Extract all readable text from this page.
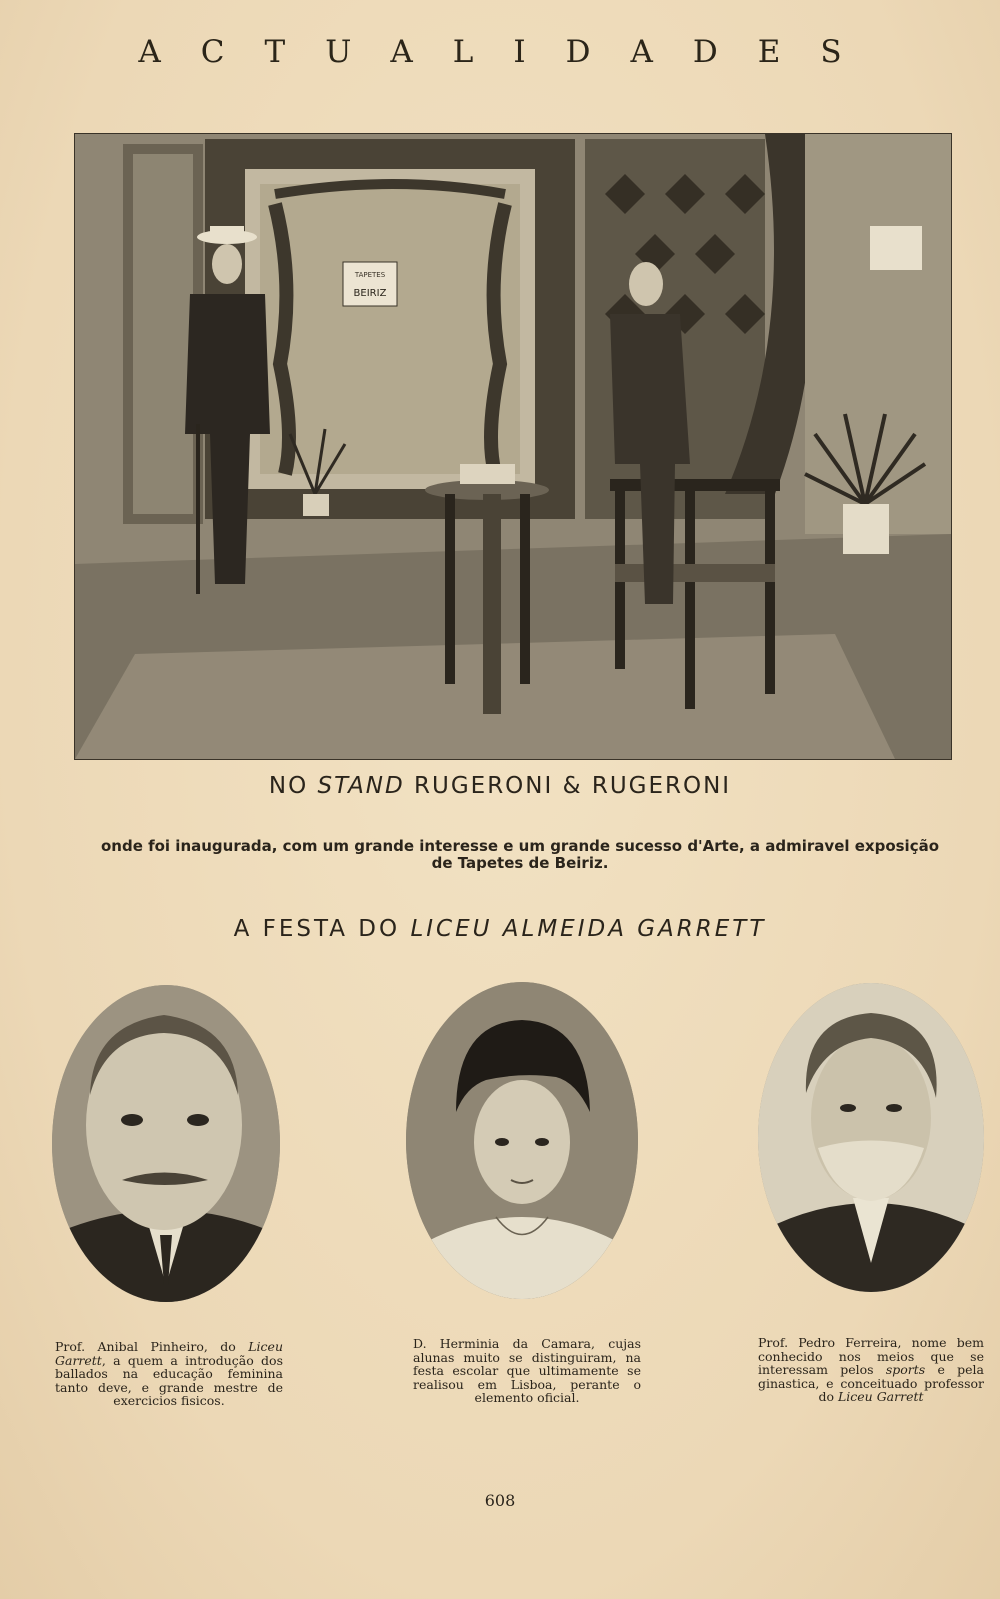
ACTUALIDADES
TAPETES
BEIRIZ
NO STAND RUGERONI & RUGERONI
onde foi inaugurada, com um grande interesse e um grande sucesso d'Arte, a admiravel exposição de Tapetes de Beiriz.
A FESTA DO LICEU ALMEIDA GARRETT
Prof. Anibal Pinheiro, do Liceu Garrett, a quem a introdução dos ballados na educação feminina tanto deve, e grande mestre de exercicios fisicos.
D. Herminia da Camara, cujas alunas muito se distinguiram, na festa escolar que ultimamente se realisou em Lisboa, perante o elemento oficial.
Prof. Pedro Ferreira, nome bem conhecido nos meios que se interessam pelos sports e pela ginastica, e conceituado professor do Liceu Garrett
608
